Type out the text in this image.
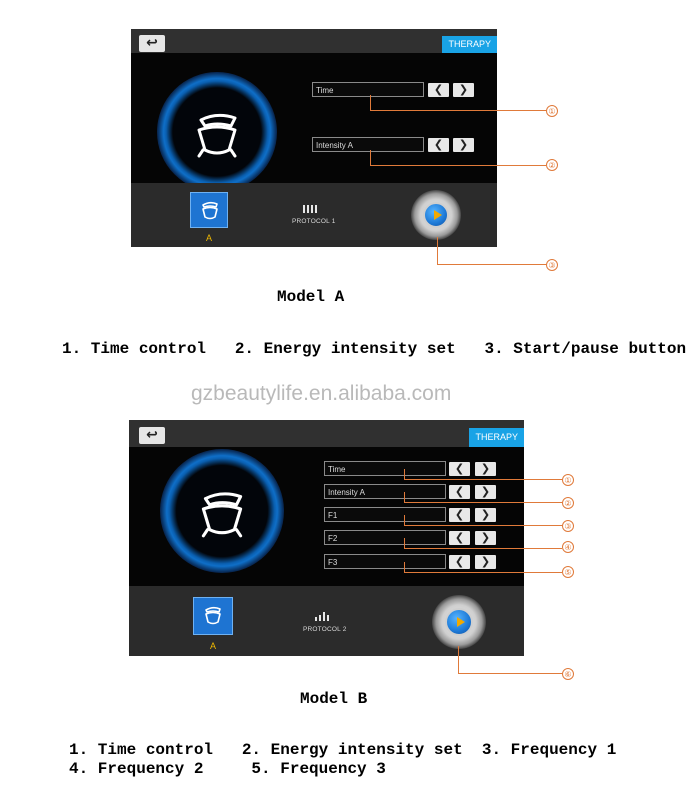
↩	THERAPY
Time	❮	❯
Intensity A	❮	❯
A
PROTOCOL 1
①
②
③
Model A
1. Time control   2. Energy intensity set   3. Start/pause button
gzbeautylife.en.alibaba.com
↩	THERAPY
Time	❮	❯
Intensity A	❮	❯
F1	❮	❯
F2	❮	❯
F3	❮	❯
A
PROTOCOL 2
①
②
③
④
⑤
⑥
Model B
1. Time control   2. Energy intensity set  3. Frequency 1
4. Frequency 2     5. Frequency 3
